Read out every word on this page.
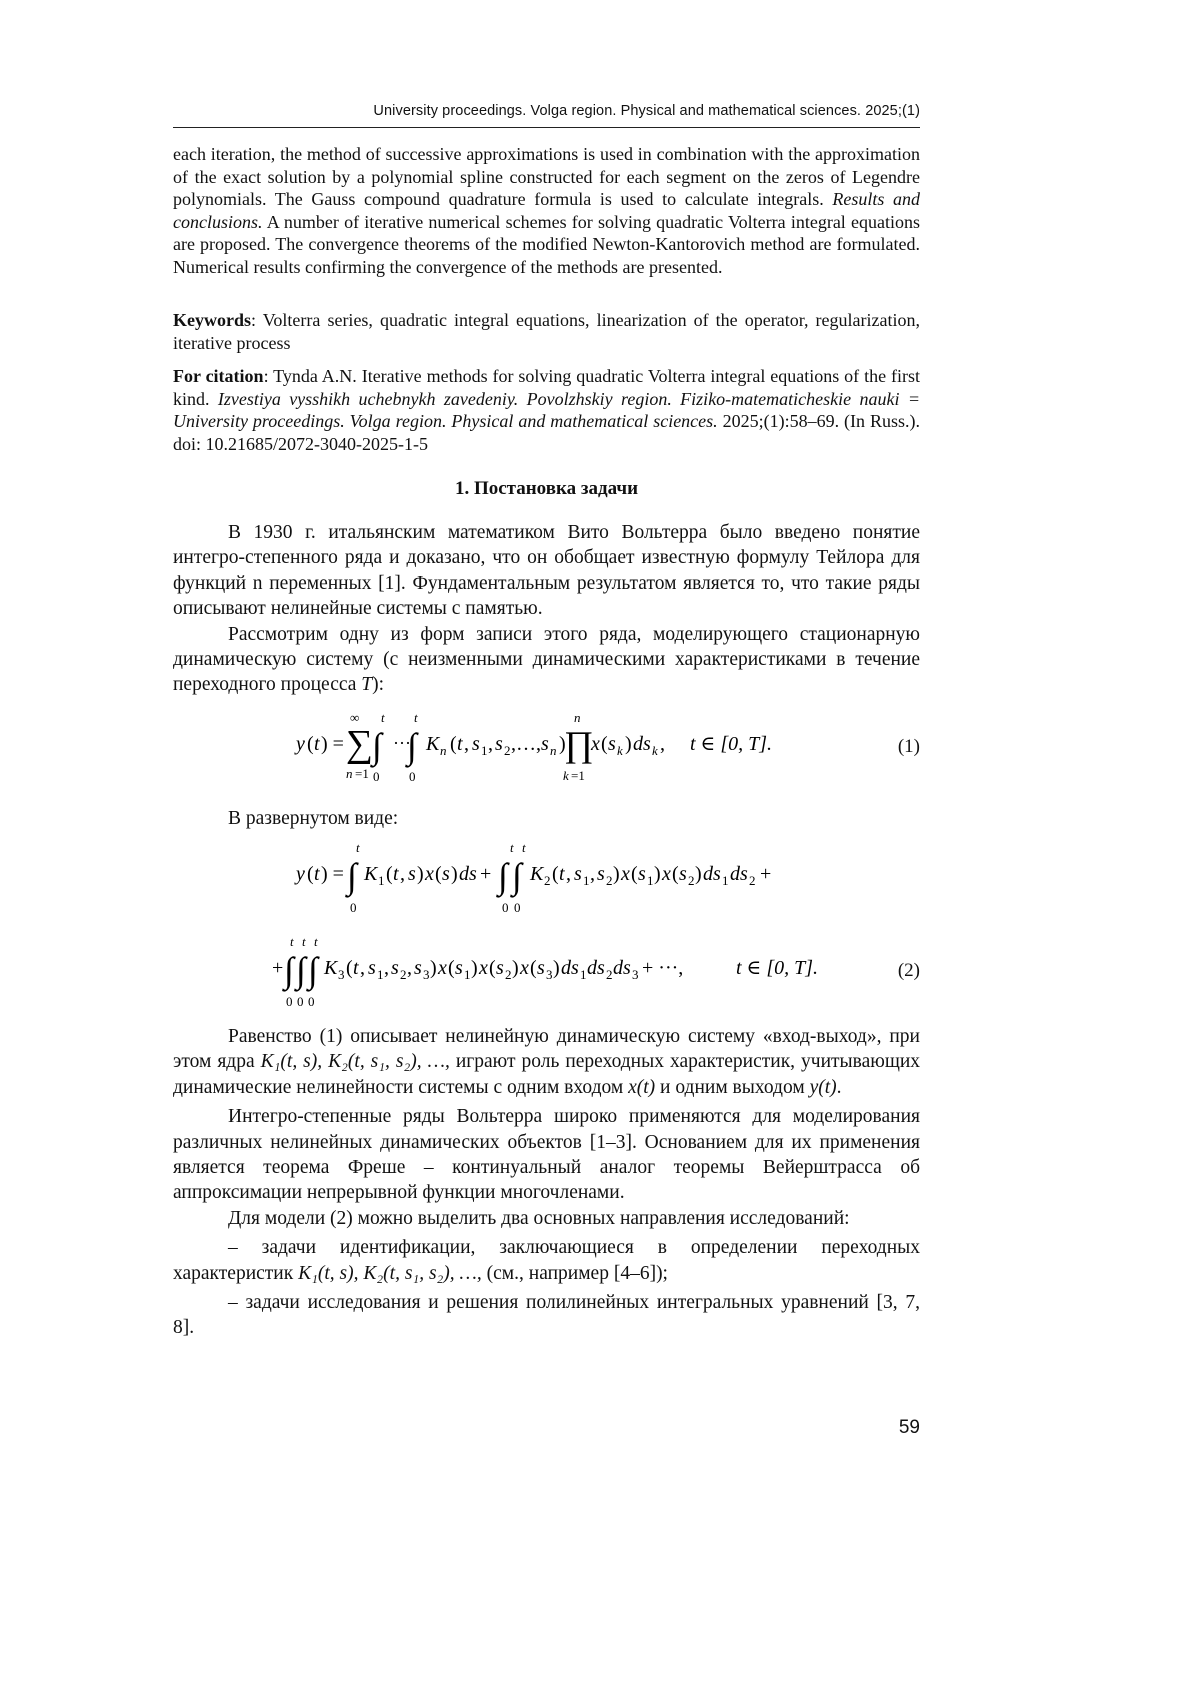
University proceedings. Volga region. Physical and mathematical sciences. 2025;(1)

each iteration, the method of successive approximations is used in combination with the approximation of the exact solution by a polynomial spline constructed for each segment on the zeros of Legendre polynomials. The Gauss compound quadrature formula is used to calculate integrals. Results and conclusions. A number of iterative numerical schemes for solving quadratic Volterra integral equations are proposed. The convergence theorems of the modified Newton-Kantorovich method are formulated. Numerical results confirming the convergence of the methods are presented.

Keywords: Volterra series, quadratic integral equations, linearization of the operator, regularization, iterative process
For citation: Tynda A.N. Iterative methods for solving quadratic Volterra integral equations of the first kind. Izvestiya vysshikh uchebnykh zavedeniy. Povolzhskiy region. Fiziko-matematicheskie nauki = University proceedings. Volga region. Physical and mathematical sciences. 2025;(1):58–69. (In Russ.). doi: 10.21685/2072-3040-2025-1-5
1. Постановка задачи

В 1930 г. итальянским математиком Вито Вольтерра было введено понятие интегро-степенного ряда и доказано, что он обобщает известную формулу Тейлора для функций n переменных [1]. Фундаментальным результатом является то, что такие ряды описывают нелинейные системы с памятью.

Рассмотрим одну из форм записи этого ряда, моделирующего стационарную динамическую систему (с неизменными динамическими характеристиками в течение переходного процесса T):

y ( t ) =
∞
∑
n =1
t
∫
0
···
t
∫
0
K n ( t , s 1 , s 2 ,…, s n )
n
∏
k =1
x ( s k ) ds k , t ∈ [0, T].	(1)

В развернутом виде:

y ( t ) =
t
∫
0
K 1 ( t , s ) x ( s ) ds +
t t
∫ ∫
0 0
K 2 ( t , s 1 , s 2 ) x ( s 1 ) x ( s 2 ) ds 1 ds 2 +
+
t t t
∫ ∫ ∫
0 0 0
K 3 ( t , s 1 , s 2 , s 3 ) x ( s 1 ) x ( s 2 ) x ( s 3 ) ds 1 ds 2 ds 3 + ···,	t ∈ [0, T].	(2)

Равенство (1) описывает нелинейную динамическую систему «вход-выход», при этом ядра K₁(t, s), K₂(t, s₁, s₂), …, играют роль переходных характеристик, учитывающих динамические нелинейности системы с одним входом x(t) и одним выходом y(t).

Интегро-степенные ряды Вольтерра широко применяются для моделирования различных нелинейных динамических объектов [1–3]. Основанием для их применения является теорема Фреше – континуальный аналог теоремы Вейерштрасса об аппроксимации непрерывной функции многочленами.

Для модели (2) можно выделить два основных направления исследований:

– задачи идентификации, заключающиеся в определении переходных характеристик K₁(t, s), K₂(t, s₁, s₂), …, (см., например [4–6]);

– задачи исследования и решения полилинейных интегральных уравнений [3, 7, 8].

59
